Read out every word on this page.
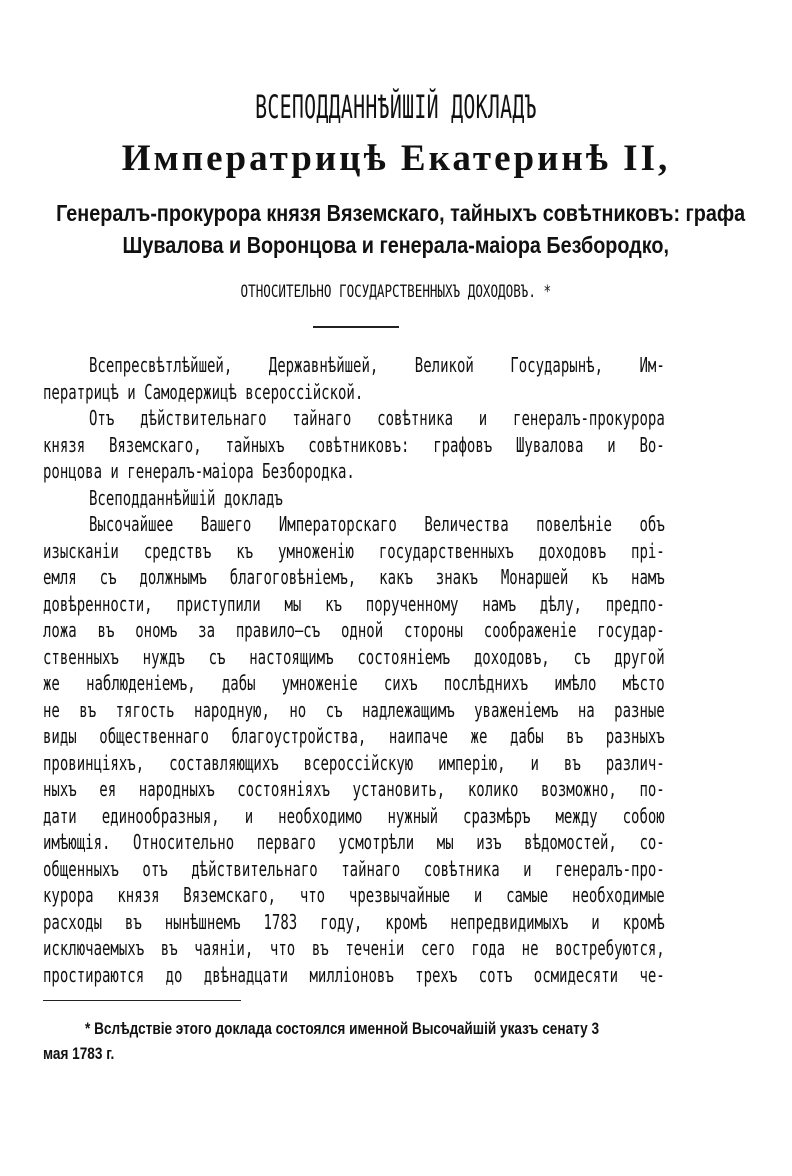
ВСЕПОДДАННѢЙШІЙ ДОКЛАДЪ
Императрицѣ Екатеринѣ II,
Генералъ-прокурора князя Вяземскаго, тайныхъ совѣтниковъ: графа
Шувалова и Воронцова и генерала-маіора Безбородко,
ОТНОСИТЕЛЬНО ГОСУДАРСТВЕННЫХЪ ДОХОДОВЪ. *
Всепресвѣтлѣйшей, Державнѣйшей, Великой Государынѣ, Им-
ператрицѣ и Самодержицѣ всероссійской.
Отъ дѣйствительнаго тайнаго совѣтника и генералъ-прокурора
князя Вяземскаго, тайныхъ совѣтниковъ: графовъ Шувалова и Во-
ронцова и генералъ-маіора Безбородка.
Всеподданнѣйшій докладъ
Высочайшее Вашего Императорскаго Величества повелѣніе объ
изысканіи средствъ къ умноженію государственныхъ доходовъ прі-
емля съ должнымъ благоговѣніемъ, какъ знакъ Монаршей къ намъ
довѣренности, приступили мы къ порученному намъ дѣлу, предпо-
лoжа въ ономъ за правило—съ одной стороны соображеніе государ-
ственныхъ нуждъ съ настоящимъ состояніемъ доходовъ, съ другой
же наблюденіемъ, дабы умноженіе сихъ послѣднихъ имѣло мѣсто
не въ тягость народную, но съ надлежащимъ уваженіемъ на разные
виды общественнаго благоустройства, наипаче же дабы въ разныхъ
провинціяхъ, составляющихъ всероссійскую имперію, и въ различ-
ныхъ ея народныхъ состояніяхъ установить, колико возможно, по-
дати единообразныя, и необходимо нужный сразмѣръ между собою
имѣющія. Относительно перваго усмотрѣли мы изъ вѣдомостей, со-
общенныхъ отъ дѣйствительнаго тайнаго совѣтника и генералъ-про-
курора князя Вяземскаго, что чрезвычайные и самые необходимые
расходы въ нынѣшнемъ 1783 году, кромѣ непредвидимыхъ и кромѣ
исключаемыхъ въ чаяніи, что въ теченіи сего года не востребуются,
простираются до двѣнадцати милліоновъ трехъ сотъ осмидесяти че-
* Вслѣдствіе этого доклада состоялся именной Высочайшій указъ сенату 3
мая 1783 г.
